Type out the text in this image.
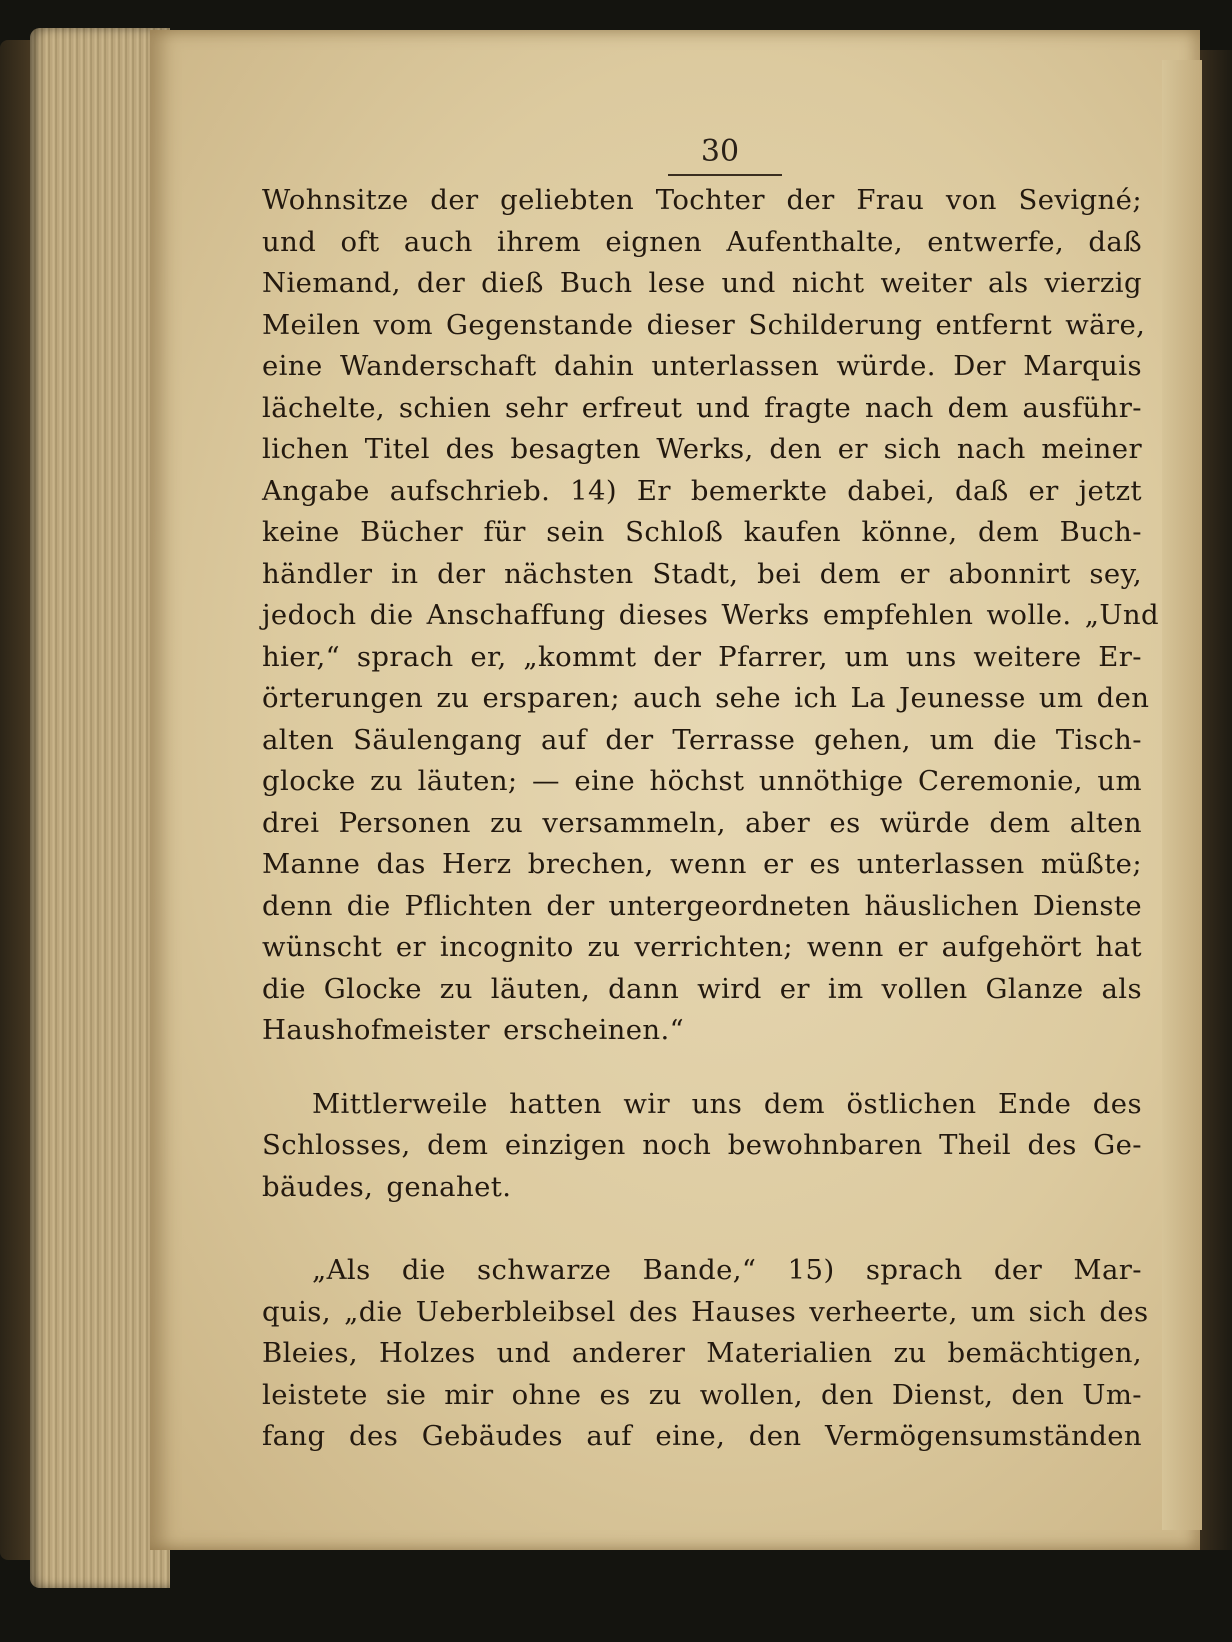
30
Wohnsitze der geliebten Tochter der Frau von Sevigné;
und oft auch ihrem eignen Aufenthalte, entwerfe, daß
Niemand, der dieß Buch lese und nicht weiter als vierzig
Meilen vom Gegenstande dieser Schilderung entfernt wäre,
eine Wanderschaft dahin unterlassen würde. Der Marquis
lächelte, schien sehr erfreut und fragte nach dem ausführ-
lichen Titel des besagten Werks, den er sich nach meiner
Angabe aufschrieb. 14) Er bemerkte dabei, daß er jetzt
keine Bücher für sein Schloß kaufen könne, dem Buch-
händler in der nächsten Stadt, bei dem er abonnirt sey,
jedoch die Anschaffung dieses Werks empfehlen wolle. „Und
hier,“ sprach er, „kommt der Pfarrer, um uns weitere Er-
örterungen zu ersparen; auch sehe ich La Jeunesse um den
alten Säulengang auf der Terrasse gehen, um die Tisch-
glocke zu läuten; — eine höchst unnöthige Ceremonie, um
drei Personen zu versammeln, aber es würde dem alten
Manne das Herz brechen, wenn er es unterlassen müßte;
denn die Pflichten der untergeordneten häuslichen Dienste
wünscht er incognito zu verrichten; wenn er aufgehört hat
die Glocke zu läuten, dann wird er im vollen Glanze als
Haushofmeister erscheinen.“
Mittlerweile hatten wir uns dem östlichen Ende des
Schlosses, dem einzigen noch bewohnbaren Theil des Ge-
bäudes, genahet.
„Als die schwarze Bande,“ 15) sprach der Mar-
quis, „die Ueberbleibsel des Hauses verheerte, um sich des
Bleies, Holzes und anderer Materialien zu bemächtigen,
leistete sie mir ohne es zu wollen, den Dienst, den Um-
fang des Gebäudes auf eine, den Vermögensumständen
